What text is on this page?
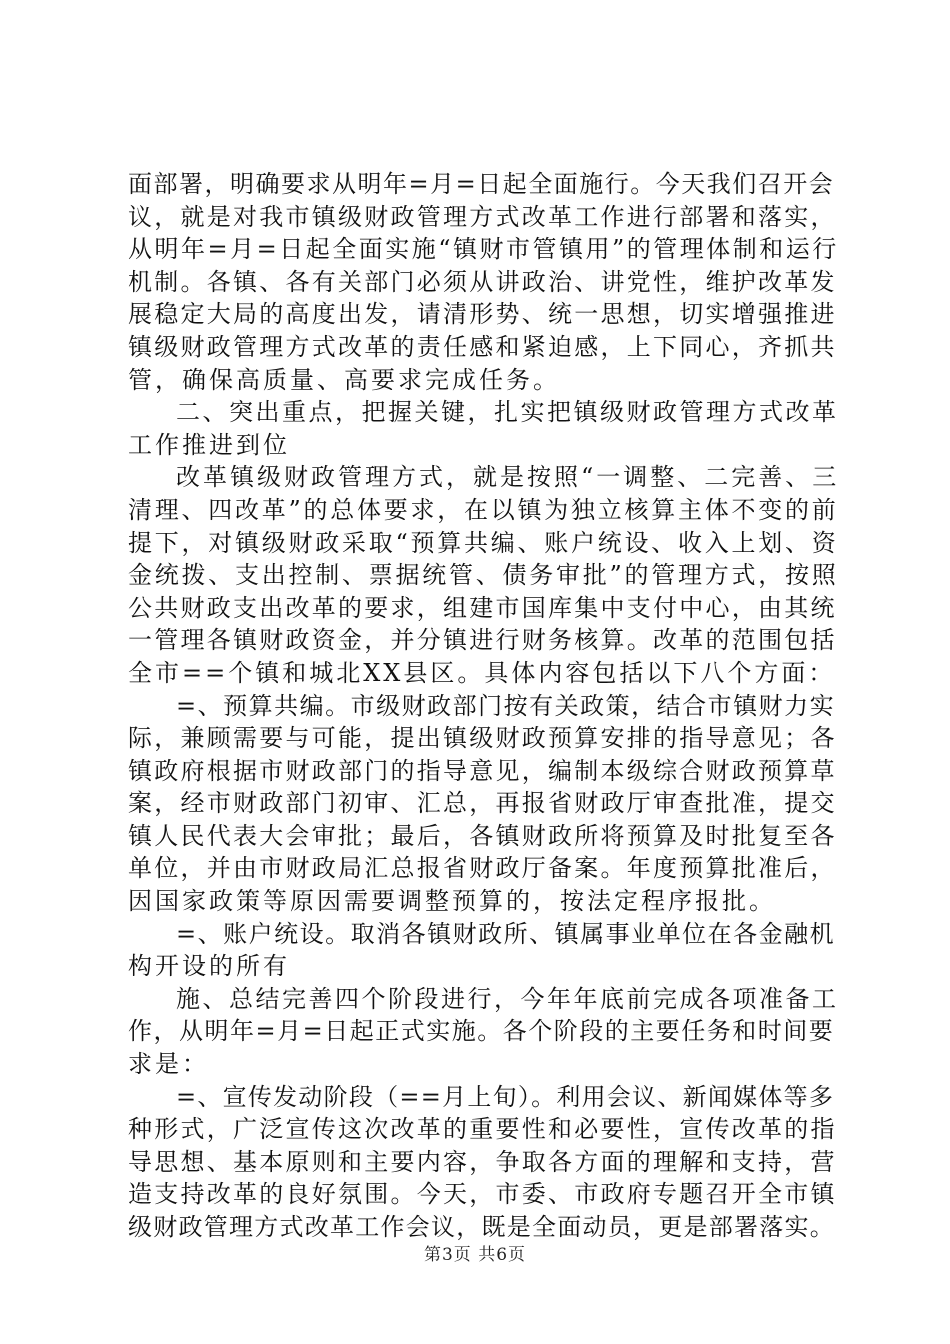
面部署，明确要求从明年=月=日起全面施行。今天我们召开会
议，就是对我市镇级财政管理方式改革工作进行部署和落实，
从明年=月=日起全面实施“镇财市管镇用”的管理体制和运行
机制。各镇、各有关部门必须从讲政治、讲党性，维护改革发
展稳定大局的高度出发，请清形势、统一思想，切实增强推进
镇级财政管理方式改革的责任感和紧迫感，上下同心，齐抓共
管，确保高质量、高要求完成任务。
二、突出重点，把握关键，扎实把镇级财政管理方式改革
工作推进到位
改革镇级财政管理方式，就是按照“一调整、二完善、三
清理、四改革”的总体要求，在以镇为独立核算主体不变的前
提下，对镇级财政采取“预算共编、账户统设、收入上划、资
金统拨、支出控制、票据统管、债务审批”的管理方式，按照
公共财政支出改革的要求，组建市国库集中支付中心，由其统
一管理各镇财政资金，并分镇进行财务核算。改革的范围包括
全市==个镇和城北XX县区。具体内容包括以下八个方面：
=、预算共编。市级财政部门按有关政策，结合市镇财力实
际，兼顾需要与可能，提出镇级财政预算安排的指导意见；各
镇政府根据市财政部门的指导意见，编制本级综合财政预算草
案，经市财政部门初审、汇总，再报省财政厅审查批准，提交
镇人民代表大会审批；最后，各镇财政所将预算及时批复至各
单位，并由市财政局汇总报省财政厅备案。年度预算批准后，
因国家政策等原因需要调整预算的，按法定程序报批。
=、账户统设。取消各镇财政所、镇属事业单位在各金融机
构开设的所有
施、总结完善四个阶段进行，今年年底前完成各项准备工
作，从明年=月=日起正式实施。各个阶段的主要任务和时间要
求是：
=、宣传发动阶段（==月上旬）。利用会议、新闻媒体等多
种形式，广泛宣传这次改革的重要性和必要性，宣传改革的指
导思想、基本原则和主要内容，争取各方面的理解和支持，营
造支持改革的良好氛围。今天，市委、市政府专题召开全市镇
级财政管理方式改革工作会议，既是全面动员，更是部署落实。
第3页 共6页
